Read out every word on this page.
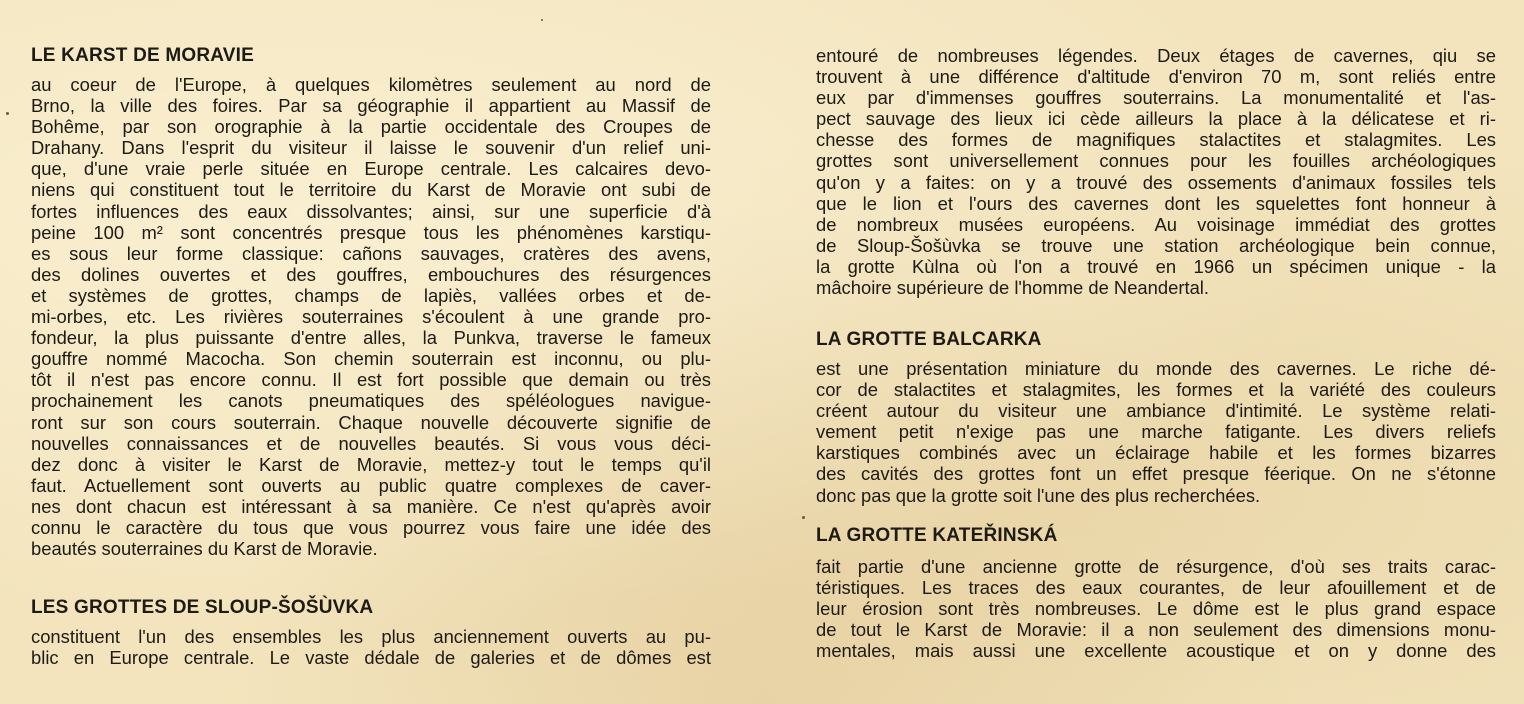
LE KARST DE MORAVIE
au coeur de l'Europe, à quelques kilomètres seulement au nord de
Brno, la ville des foires. Par sa géographie il appartient au Massif de
Bohême, par son orographie à la partie occidentale des Croupes de
Drahany. Dans l'esprit du visiteur il laisse le souvenir d'un relief uni-
que, d'une vraie perle située en Europe centrale. Les calcaires devo-
niens qui constituent tout le territoire du Karst de Moravie ont subi de
fortes influences des eaux dissolvantes; ainsi, sur une superficie d'à
peine 100 m² sont concentrés presque tous les phénomènes karstiqu-
es sous leur forme classique: cañons sauvages, cratères des avens,
des dolines ouvertes et des gouffres, embouchures des résurgences
et systèmes de grottes, champs de lapiès, vallées orbes et de-
mi-orbes, etc. Les rivières souterraines s'écoulent à une grande pro-
fondeur, la plus puissante d'entre alles, la Punkva, traverse le fameux
gouffre nommé Macocha. Son chemin souterrain est inconnu, ou plu-
tôt il n'est pas encore connu. Il est fort possible que demain ou très
prochainement les canots pneumatiques des spéléologues navigue-
ront sur son cours souterrain. Chaque nouvelle découverte signifie de
nouvelles connaissances et de nouvelles beautés. Si vous vous déci-
dez donc à visiter le Karst de Moravie, mettez-y tout le temps qu'il
faut. Actuellement sont ouverts au public quatre complexes de caver-
nes dont chacun est intéressant à sa manière. Ce n'est qu'après avoir
connu le caractère du tous que vous pourrez vous faire une idée des
beautés souterraines du Karst de Moravie.
LES GROTTES DE SLOUP-ŠOŠÙVKA
constituent l'un des ensembles les plus anciennement ouverts au pu-
blic en Europe centrale. Le vaste dédale de galeries et de dômes est
entouré de nombreuses légendes. Deux étages de cavernes, qiu se
trouvent à une différence d'altitude d'environ 70 m, sont reliés entre
eux par d'immenses gouffres souterrains. La monumentalité et l'as-
pect sauvage des lieux ici cède ailleurs la place à la délicatese et ri-
chesse des formes de magnifiques stalactites et stalagmites. Les
grottes sont universellement connues pour les fouilles archéologiques
qu'on y a faites: on y a trouvé des ossements d'animaux fossiles tels
que le lion et l'ours des cavernes dont les squelettes font honneur à
de nombreux musées européens. Au voisinage immédiat des grottes
de Sloup-Šošùvka se trouve une station archéologique bein connue,
la grotte Kùlna où l'on a trouvé en 1966 un spécimen unique - la
mâchoire supérieure de l'homme de Neandertal.
LA GROTTE BALCARKA
est une présentation miniature du monde des cavernes. Le riche dé-
cor de stalactites et stalagmites, les formes et la variété des couleurs
créent autour du visiteur une ambiance d'intimité. Le système relati-
vement petit n'exige pas une marche fatigante. Les divers reliefs
karstiques combinés avec un éclairage habile et les formes bizarres
des cavités des grottes font un effet presque féerique. On ne s'étonne
donc pas que la grotte soit l'une des plus recherchées.
LA GROTTE KATEŘINSKÁ
fait partie d'une ancienne grotte de résurgence, d'où ses traits carac-
téristiques. Les traces des eaux courantes, de leur afouillement et de
leur érosion sont très nombreuses. Le dôme est le plus grand espace
de tout le Karst de Moravie: il a non seulement des dimensions monu-
mentales, mais aussi une excellente acoustique et on y donne des
